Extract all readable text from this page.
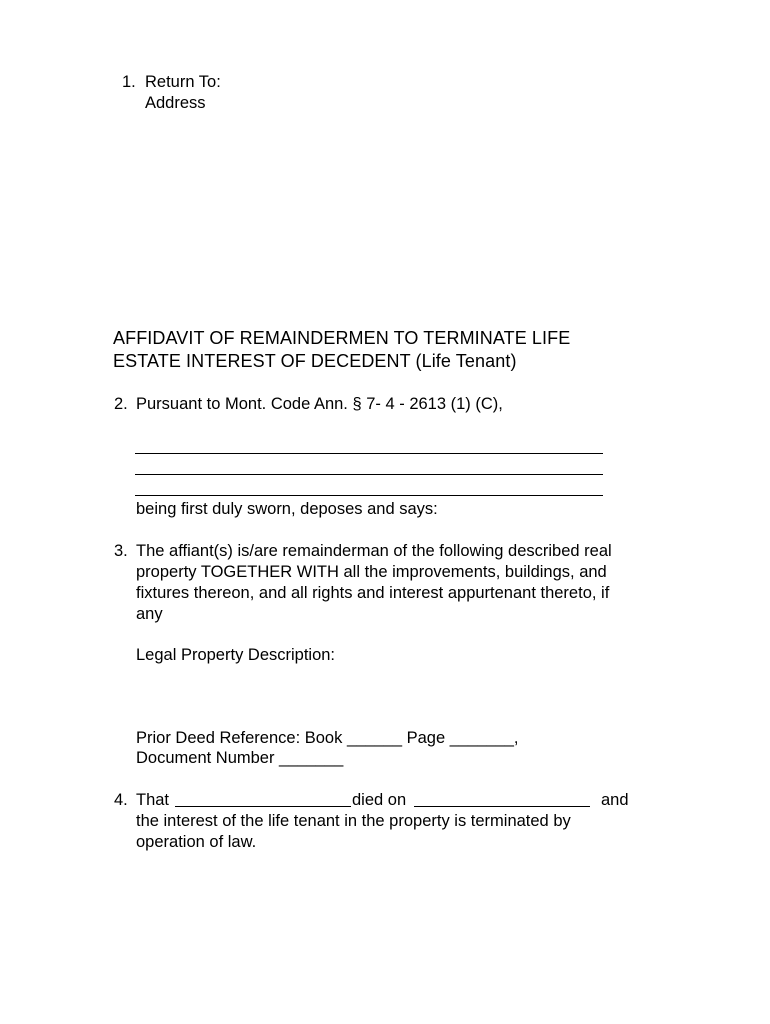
1. Return To:
Address
AFFIDAVIT OF REMAINDERMEN TO TERMINATE LIFE
ESTATE INTEREST OF DECEDENT (Life Tenant)
2. Pursuant to Mont. Code Ann. § 7- 4 - 2613 (1) (C),
being first duly sworn, deposes and says:
3. The affiant(s) is/are remainderman of the following described real
property TOGETHER WITH all the improvements, buildings, and
fixtures thereon, and all rights and interest appurtenant thereto, if
any
Legal Property Description:
Prior Deed Reference: Book ______ Page _______,
Document Number _______
4. That	died on	and
the interest of the life tenant in the property is terminated by
operation of law.
